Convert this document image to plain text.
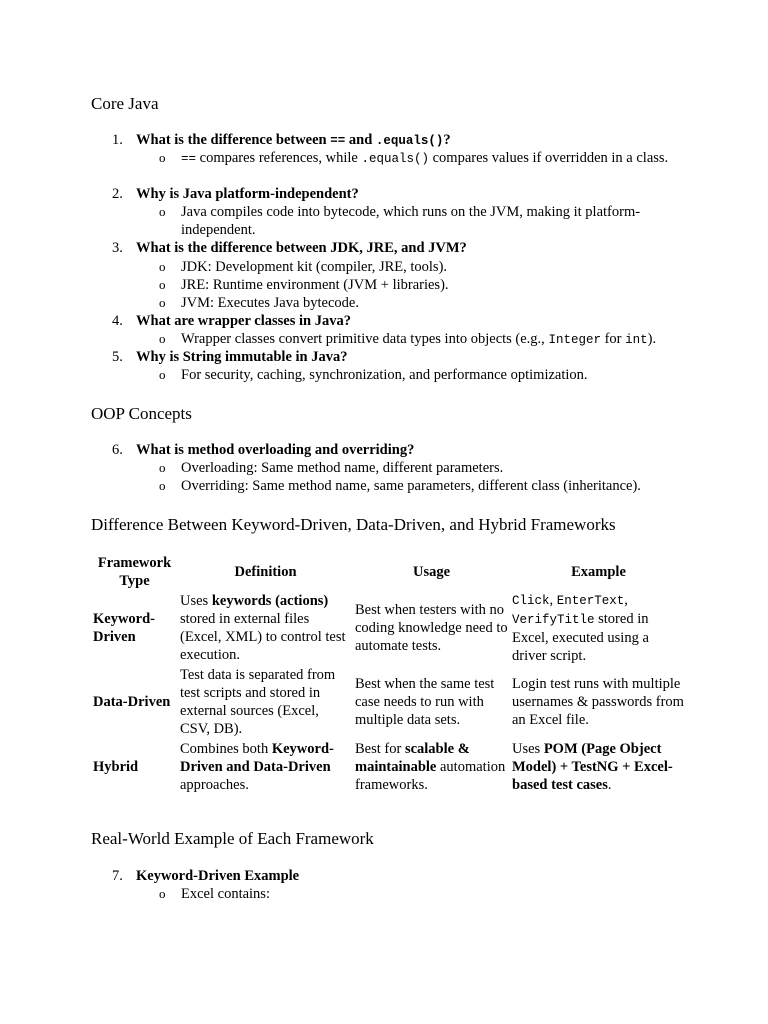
Core Java
1. What is the difference between == and .equals()?
o == compares references, while .equals() compares values if overridden in a class.
2. Why is Java platform-independent?
o Java compiles code into bytecode, which runs on the JVM, making it platform-independent.
3. What is the difference between JDK, JRE, and JVM?
o JDK: Development kit (compiler, JRE, tools).
o JRE: Runtime environment (JVM + libraries).
o JVM: Executes Java bytecode.
4. What are wrapper classes in Java?
o Wrapper classes convert primitive data types into objects (e.g., Integer for int).
5. Why is String immutable in Java?
o For security, caching, synchronization, and performance optimization.
OOP Concepts
6. What is method overloading and overriding?
o Overloading: Same method name, different parameters.
o Overriding: Same method name, same parameters, different class (inheritance).
Difference Between Keyword-Driven, Data-Driven, and Hybrid Frameworks
Framework Type	Definition	Usage	Example
Keyword-Driven	Uses keywords (actions) stored in external files (Excel, XML) to control test execution.	Best when testers with no coding knowledge need to automate tests.	Click, EnterText, VerifyTitle stored in Excel, executed using a driver script.
Data-Driven	Test data is separated from test scripts and stored in external sources (Excel, CSV, DB).	Best when the same test case needs to run with multiple data sets.	Login test runs with multiple usernames & passwords from an Excel file.
Hybrid	Combines both Keyword-Driven and Data-Driven approaches.	Best for scalable & maintainable automation frameworks.	Uses POM (Page Object Model) + TestNG + Excel-based test cases.
Real-World Example of Each Framework
7. Keyword-Driven Example
o Excel contains:
